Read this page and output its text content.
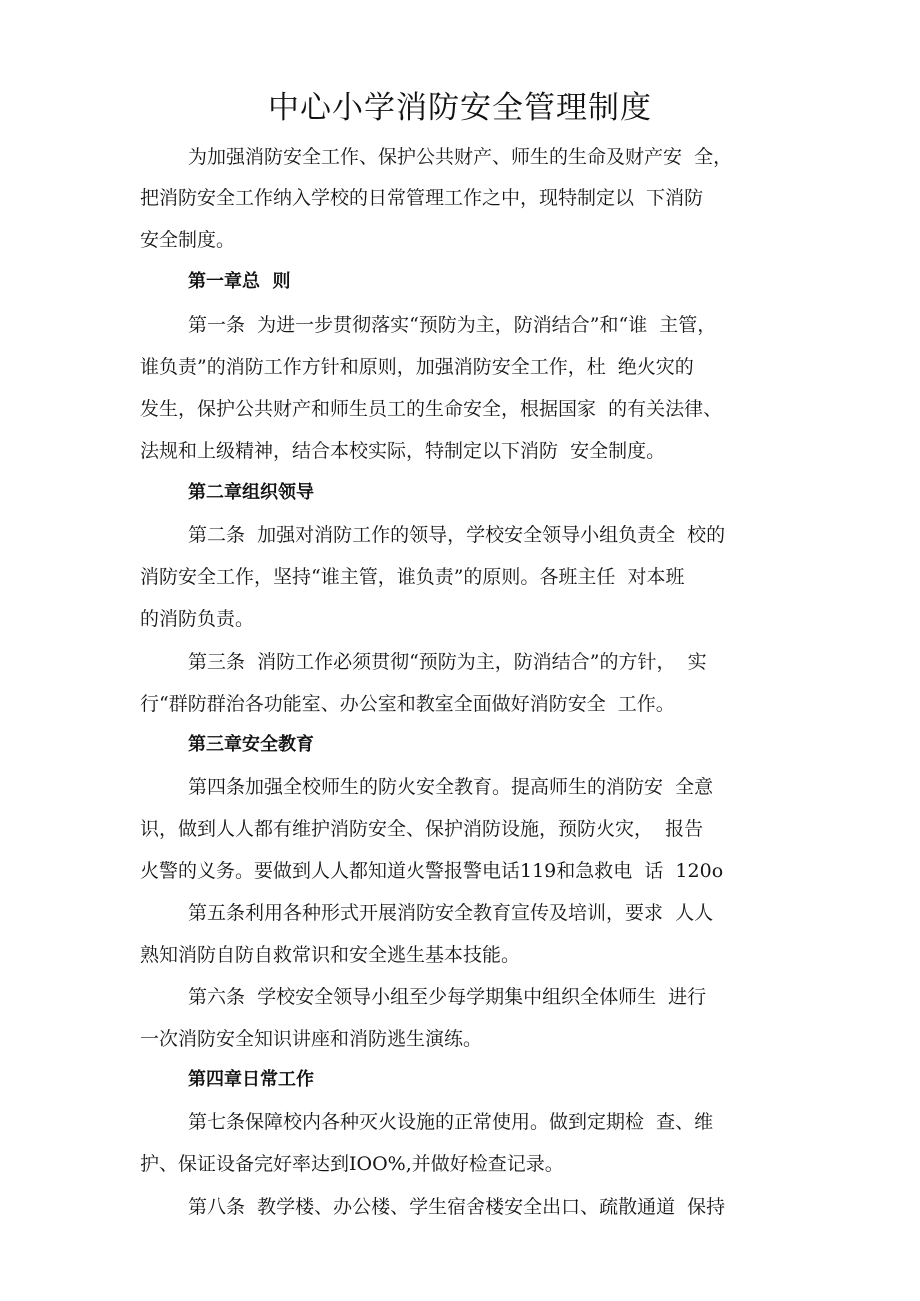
中心小学消防安全管理制度
为加强消防安全工作、保护公共财产、师生的生命及财产安  全，
把消防安全工作纳入学校的日常管理工作之中，现特制定以  下消防
安全制度。
第一章总  则
第一条  为进一步贯彻落实“预防为主，防消结合”和“谁  主管，
谁负责”的消防工作方针和原则，加强消防安全工作，杜  绝火灾的
发生，保护公共财产和师生员工的生命安全，根据国家  的有关法律、
法规和上级精神，结合本校实际，特制定以下消防  安全制度。
第二章组织领导
第二条  加强对消防工作的领导，学校安全领导小组负责全  校的
消防安全工作，坚持“谁主管，谁负责”的原则。各班主任  对本班
的消防负责。
第三条  消防工作必须贯彻“预防为主，防消结合”的方针，  实
行“群防群治各功能室、办公室和教室全面做好消防安全  工作。
第三章安全教育
第四条加强全校师生的防火安全教育。提高师生的消防安  全意
识，做到人人都有维护消防安全、保护消防设施，预防火灾，  报告
火警的义务。要做到人人都知道火警报警电话119和急救电  话  120o
第五条利用各种形式开展消防安全教育宣传及培训，要求  人人
熟知消防自防自救常识和安全逃生基本技能。
第六条  学校安全领导小组至少每学期集中组织全体师生  进行
一次消防安全知识讲座和消防逃生演练。
第四章日常工作
第七条保障校内各种灭火设施的正常使用。做到定期检  查、维
护、保证设备完好率达到IOO%,并做好检查记录。
第八条  教学楼、办公楼、学生宿舍楼安全出口、疏散通道  保持
